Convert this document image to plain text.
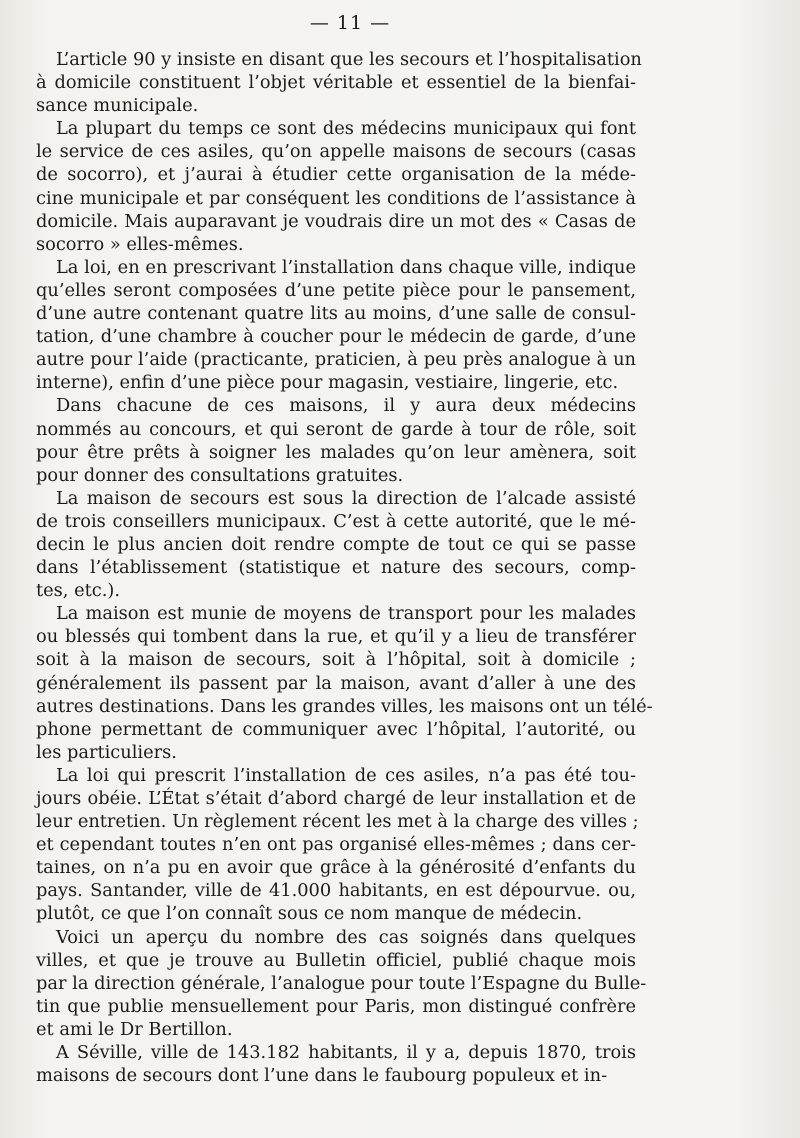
— 11 —

L’article 90 y insiste en disant que les secours et l’hospitalisation
à domicile constituent l’objet véritable et essentiel de la bienfai-
sance municipale.

La plupart du temps ce sont des médecins municipaux qui font
le service de ces asiles, qu’on appelle maisons de secours (casas
de socorro), et j’aurai à étudier cette organisation de la méde-
cine municipale et par conséquent les conditions de l’assistance à
domicile. Mais auparavant je voudrais dire un mot des « Casas de
socorro » elles-mêmes.

La loi, en en prescrivant l’installation dans chaque ville, indique
qu’elles seront composées d’une petite pièce pour le pansement,
d’une autre contenant quatre lits au moins, d’une salle de consul-
tation, d’une chambre à coucher pour le médecin de garde, d’une
autre pour l’aide (practicante, praticien, à peu près analogue à un
interne), enfin d’une pièce pour magasin, vestiaire, lingerie, etc.

Dans chacune de ces maisons, il y aura deux médecins
nommés au concours, et qui seront de garde à tour de rôle, soit
pour être prêts à soigner les malades qu’on leur amènera, soit
pour donner des consultations gratuites.

La maison de secours est sous la direction de l’alcade assisté
de trois conseillers municipaux. C’est à cette autorité, que le mé-
decin le plus ancien doit rendre compte de tout ce qui se passe
dans l’établissement (statistique et nature des secours, comp-
tes, etc.).

La maison est munie de moyens de transport pour les malades
ou blessés qui tombent dans la rue, et qu’il y a lieu de transférer
soit à la maison de secours, soit à l’hôpital, soit à domicile ;
généralement ils passent par la maison, avant d’aller à une des
autres destinations. Dans les grandes villes, les maisons ont un télé-
phone permettant de communiquer avec l’hôpital, l’autorité, ou
les particuliers.

La loi qui prescrit l’installation de ces asiles, n’a pas été tou-
jours obéie. L’État s’était d’abord chargé de leur installation et de
leur entretien. Un règlement récent les met à la charge des villes ;
et cependant toutes n’en ont pas organisé elles-mêmes ; dans cer-
taines, on n’a pu en avoir que grâce à la générosité d’enfants du
pays. Santander, ville de 41.000 habitants, en est dépourvue. ou,
plutôt, ce que l’on connaît sous ce nom manque de médecin.

Voici un aperçu du nombre des cas soignés dans quelques
villes, et que je trouve au Bulletin officiel, publié chaque mois
par la direction générale, l’analogue pour toute l’Espagne du Bulle-
tin que publie mensuellement pour Paris, mon distingué confrère
et ami le Dr Bertillon.

A Séville, ville de 143.182 habitants, il y a, depuis 1870, trois
maisons de secours dont l’une dans le faubourg populeux et in-
